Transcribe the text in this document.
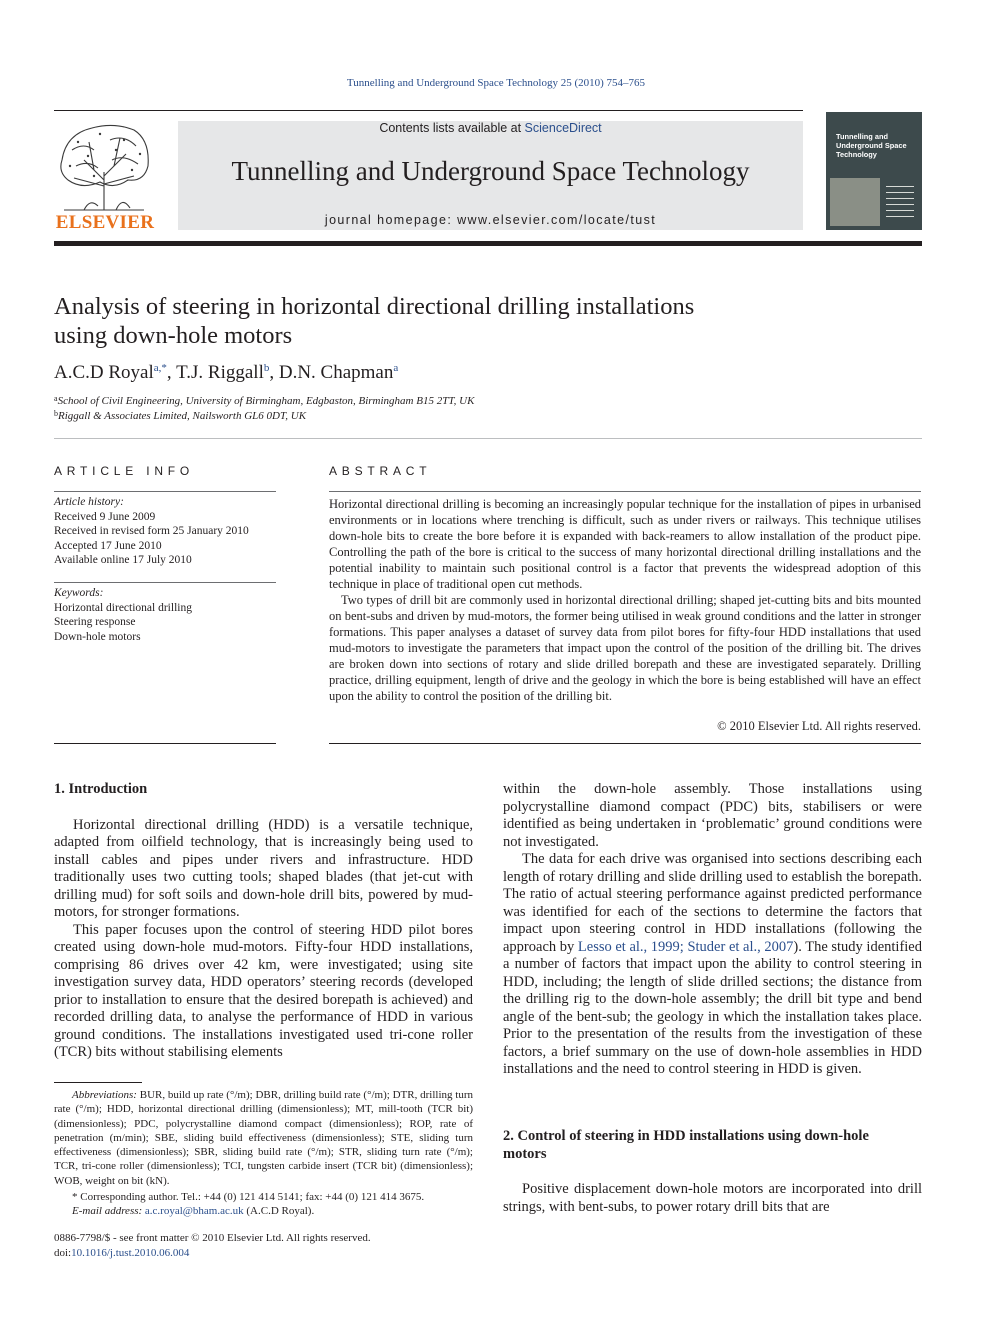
Tunnelling and Underground Space Technology 25 (2010) 754–765
ELSEVIER
Contents lists available at ScienceDirect
Tunnelling and Underground Space Technology
journal homepage: www.elsevier.com/locate/tust
Tunnelling and Underground Space Technology
Analysis of steering in horizontal directional drilling installations
using down-hole motors
A.C.D Royal$^{a,*}$, T.J. Riggall$^b$, D.N. Chapman$^a$
$^a$School of Civil Engineering, University of Birmingham, Edgbaston, Birmingham B15 2TT, UK
$^b$Riggall & Associates Limited, Nailsworth GL6 0DT, UK
ARTICLE INFO
Article history:
Received 9 June 2009
Received in revised form 25 January 2010
Accepted 17 June 2010
Available online 17 July 2010
Keywords:
Horizontal directional drilling
Steering response
Down-hole motors
ABSTRACT

Horizontal directional drilling is becoming an increasingly popular technique for the installation of pipes in urbanised environments or in locations where trenching is difficult, such as under rivers or railways. This technique utilises down-hole bits to create the bore before it is expanded with back-reamers to allow installation of the product pipe. Controlling the path of the bore is critical to the success of many horizontal directional drilling installations and the potential inability to maintain such positional control is a factor that prevents the widespread adoption of this technique in place of traditional open cut methods.

Two types of drill bit are commonly used in horizontal directional drilling; shaped jet-cutting bits and bits mounted on bent-subs and driven by mud-motors, the former being utilised in weak ground conditions and the latter in stronger formations. This paper analyses a dataset of survey data from pilot bores for fifty-four HDD installations that used mud-motors to investigate the parameters that impact upon the control of the position of the drilling bit. The drives are broken down into sections of rotary and slide drilled borepath and these are investigated separately. Drilling practice, drilling equipment, length of drive and the geology in which the bore is being established will have an effect upon the ability to control the position of the drilling bit.

© 2010 Elsevier Ltd. All rights reserved.
1. Introduction

Horizontal directional drilling (HDD) is a versatile technique, adapted from oilfield technology, that is increasingly being used to install cables and pipes under rivers and infrastructure. HDD traditionally uses two cutting tools; shaped blades (that jet-cut with drilling mud) for soft soils and down-hole drill bits, powered by mud-motors, for stronger formations.

This paper focuses upon the control of steering HDD pilot bores created using down-hole mud-motors. Fifty-four HDD installations, comprising 86 drives over 42 km, were investigated; using site investigation survey data, HDD operators’ steering records (developed prior to installation to ensure that the desired borepath is achieved) and recorded drilling data, to analyse the performance of HDD in various ground conditions. The installations investigated used tri-cone roller (TCR) bits without stabilising elements

within the down-hole assembly. Those installations using polycrystalline diamond compact (PDC) bits, stabilisers or were identified as being undertaken in ‘problematic’ ground conditions were not investigated.

The data for each drive was organised into sections describing each length of rotary drilling and slide drilling used to establish the borepath. The ratio of actual steering performance against predicted performance was identified for each of the sections to determine the factors that impact upon steering control in HDD installations (following the approach by Lesso et al., 1999; Studer et al., 2007). The study identified a number of factors that impact upon the ability to control steering in HDD, including; the length of slide drilled sections; the distance from the drilling rig to the down-hole assembly; the drill bit type and bend angle of the bent-sub; the geology in which the installation takes place. Prior to the presentation of the results from the investigation of these factors, a brief summary on the use of down-hole assemblies in HDD installations and the need to control steering in HDD is given.

2. Control of steering in HDD installations using down-hole
motors

Positive displacement down-hole motors are incorporated into drill strings, with bent-subs, to power rotary drill bits that are

Abbreviations: BUR, build up rate (°/m); DBR, drilling build rate (°/m); DTR, drilling turn rate (°/m); HDD, horizontal directional drilling (dimensionless); MT, mill-tooth (TCR bit) (dimensionless); PDC, polycrystalline diamond compact (dimensionless); ROP, rate of penetration (m/min); SBE, sliding build effectiveness (dimensionless); STE, sliding turn effectiveness (dimensionless); SBR, sliding build rate (°/m); STR, sliding turn rate (°/m); TCR, tri-cone roller (dimensionless); TCI, tungsten carbide insert (TCR bit) (dimensionless); WOB, weight on bit (kN).

* Corresponding author. Tel.: +44 (0) 121 414 5141; fax: +44 (0) 121 414 3675.

E-mail address: a.c.royal@bham.ac.uk (A.C.D Royal).

0886-7798/$ - see front matter © 2010 Elsevier Ltd. All rights reserved.
doi:10.1016/j.tust.2010.06.004
